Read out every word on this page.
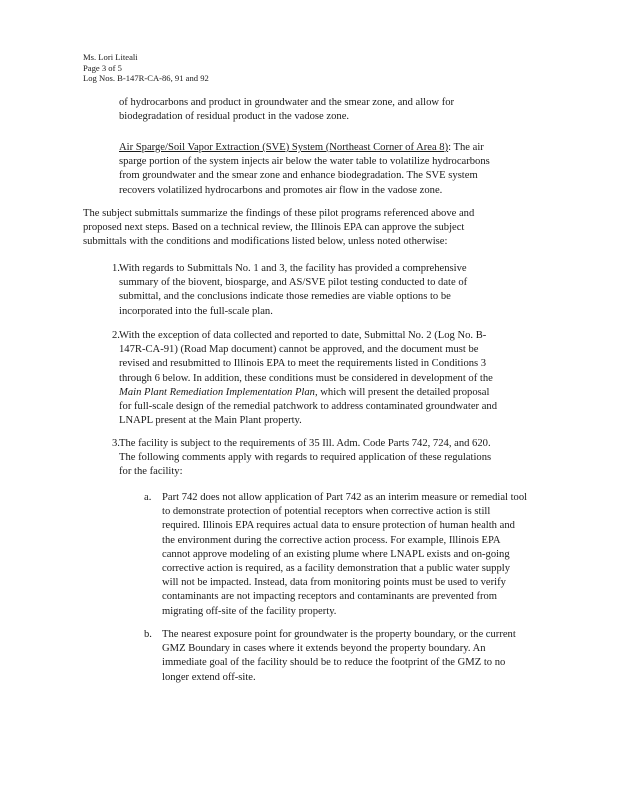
Ms. Lori Liteali
Page 3 of 5
Log Nos. B-147R-CA-86, 91 and 92
of hydrocarbons and product in groundwater and the smear zone, and allow for
biodegradation of residual product in the vadose zone.
Air Sparge/Soil Vapor Extraction (SVE) System (Northeast Corner of Area 8): The air
sparge portion of the system injects air below the water table to volatilize hydrocarbons
from groundwater and the smear zone and enhance biodegradation. The SVE system
recovers volatilized hydrocarbons and promotes air flow in the vadose zone.
The subject submittals summarize the findings of these pilot programs referenced above and
proposed next steps. Based on a technical review, the Illinois EPA can approve the subject
submittals with the conditions and modifications listed below, unless noted otherwise:
1. With regards to Submittals No. 1 and 3, the facility has provided a comprehensive
summary of the biovent, biosparge, and AS/SVE pilot testing conducted to date of
submittal, and the conclusions indicate those remedies are viable options to be
incorporated into the full-scale plan.
2. With the exception of data collected and reported to date, Submittal No. 2 (Log No. B-
147R-CA-91) (Road Map document) cannot be approved, and the document must be
revised and resubmitted to Illinois EPA to meet the requirements listed in Conditions 3
through 6 below. In addition, these conditions must be considered in development of the
Main Plant Remediation Implementation Plan, which will present the detailed proposal
for full-scale design of the remedial patchwork to address contaminated groundwater and
LNAPL present at the Main Plant property.
3. The facility is subject to the requirements of 35 Ill. Adm. Code Parts 742, 724, and 620.
The following comments apply with regards to required application of these regulations
for the facility:
a. Part 742 does not allow application of Part 742 as an interim measure or remedial tool
to demonstrate protection of potential receptors when corrective action is still
required. Illinois EPA requires actual data to ensure protection of human health and
the environment during the corrective action process. For example, Illinois EPA
cannot approve modeling of an existing plume where LNAPL exists and on-going
corrective action is required, as a facility demonstration that a public water supply
will not be impacted. Instead, data from monitoring points must be used to verify
contaminants are not impacting receptors and contaminants are prevented from
migrating off-site of the facility property.
b. The nearest exposure point for groundwater is the property boundary, or the current
GMZ Boundary in cases where it extends beyond the property boundary. An
immediate goal of the facility should be to reduce the footprint of the GMZ to no
longer extend off-site.
